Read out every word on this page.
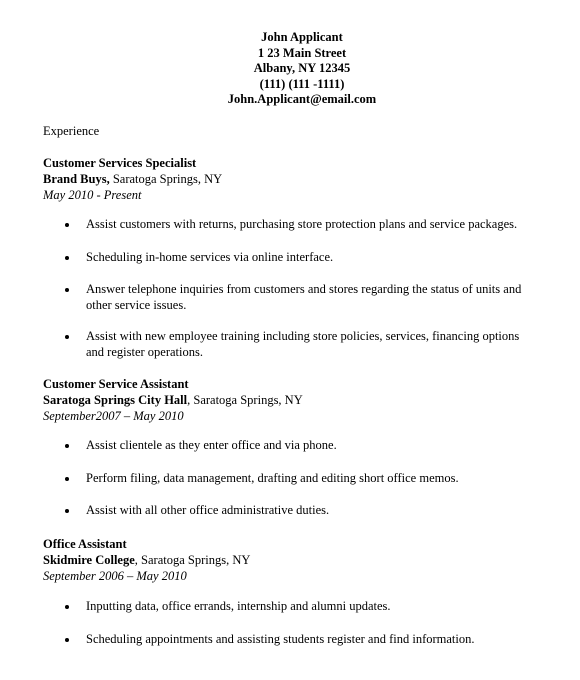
John Applicant
1 23 Main Street
Albany, NY 12345
(111) (111 -1111)
John.Applicant@email.com
Experience
Customer Services Specialist
Brand Buys, Saratoga Springs, NY
May 2010 - Present
Assist customers with returns, purchasing store protection plans and service packages.
Scheduling in-home services via online interface.
Answer telephone inquiries from customers and stores regarding the status of units and other service issues.
Assist with new employee training including store policies, services, financing options and register operations.
Customer Service Assistant
Saratoga Springs City Hall, Saratoga Springs, NY
September2007 – May 2010
Assist clientele as they enter office and via phone.
Perform filing, data management, drafting and editing short office memos.
Assist with all other office administrative duties.
Office Assistant
Skidmire College, Saratoga Springs, NY
September 2006 – May 2010
Inputting data, office errands, internship and alumni updates.
Scheduling appointments and assisting students register and find information.
